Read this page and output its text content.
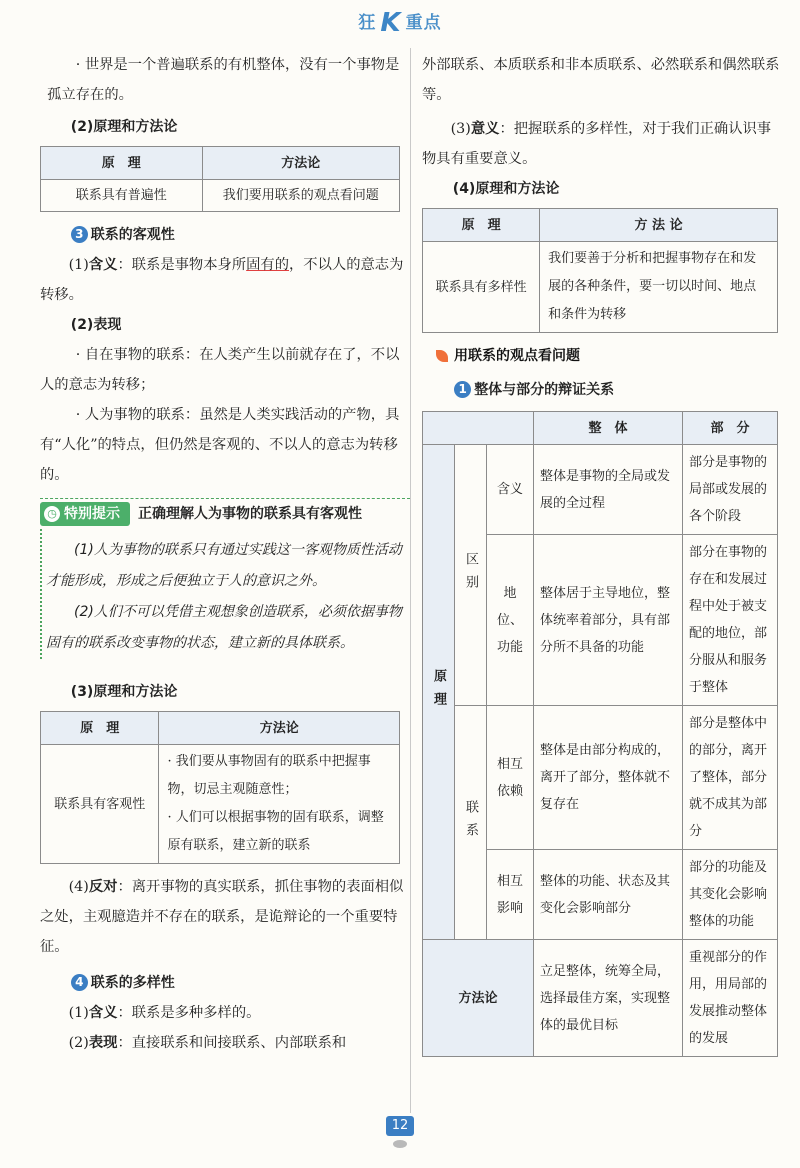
狂 K 重点

· 世界是一个普遍联系的有机整体，没有一个事物是孤立存在的。

(2)原理和方法论

原　理	方法论
联系具有普遍性	我们要用联系的观点看问题

3 联系的客观性

(1)含义：联系是事物本身所固有的，不以人的意志为转移。

(2)表现

· 自在事物的联系：在人类产生以前就存在了，不以人的意志为转移；

· 人为事物的联系：虽然是人类实践活动的产物，具有“人化”的特点，但仍然是客观的、不以人的意志为转移的。

◷ 特别提示 正确理解人为事物的联系具有客观性

(1)人为事物的联系只有通过实践这一客观物质性活动才能形成，形成之后便独立于人的意识之外。

(2)人们不可以凭借主观想象创造联系，必须依据事物固有的联系改变事物的状态，建立新的具体联系。

(3)原理和方法论

原　理	方法论
联系具有客观性	· 我们要从事物固有的联系中把握事物，切忌主观随意性；
· 人们可以根据事物的固有联系，调整原有联系，建立新的联系

(4)反对：离开事物的真实联系，抓住事物的表面相似之处，主观臆造并不存在的联系，是诡辩论的一个重要特征。

4 联系的多样性

(1)含义：联系是多种多样的。

(2)表现：直接联系和间接联系、内部联系和

外部联系、本质联系和非本质联系、必然联系和偶然联系等。

(3)意义：把握联系的多样性，对于我们正确认识事物具有重要意义。

(4)原理和方法论

原　理	方 法 论
联系具有多样性	我们要善于分析和把握事物存在和发展的各种条件，要一切以时间、地点和条件为转移
用联系的观点看问题

1 整体与部分的辩证关系

			整　体	部　分

原理	区别	含义	整体是事物的全局或发展的全过程	部分是事物的局部或发展的各个阶段
		地位、功能	整体居于主导地位，整体统率着部分，具有部分所不具备的功能	部分在事物的存在和发展过程中处于被支配的地位，部分服从和服务于整体

	联系	相互依赖	整体是由部分构成的，离开了部分，整体就不复存在	部分是整体中的部分，离开了整体，部分就不成其为部分
		相互影响	整体的功能、状态及其变化会影响部分	部分的功能及其变化会影响整体的功能
方法论			立足整体，统筹全局，选择最佳方案，实现整体的最优目标	重视部分的作用，用局部的发展推动整体的发展
12
